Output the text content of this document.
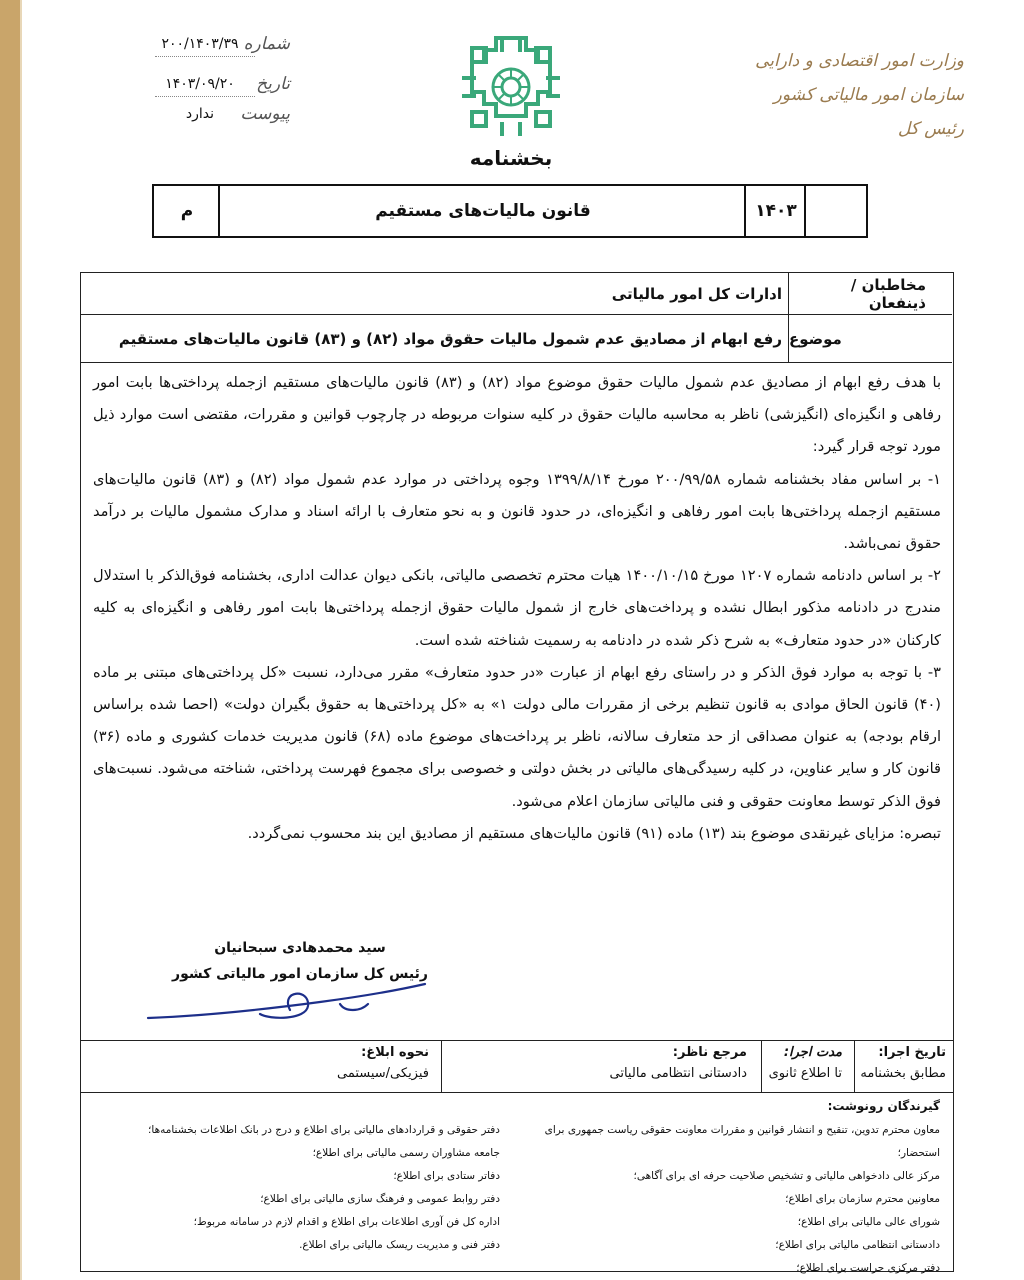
۲۰۰/۱۴۰۳/۳۹ شماره
۱۴۰۳/۰۹/۲۰	تاریخ
ندارد	پیوست
بخشنامه
وزارت امور اقتصادی و دارایی
سازمان امور مالیاتی کشور
رئیس کل
۱۴۰۳
قانون مالیات‌های مستقیم
م
مخاطبان / ذینفعان
ادارات کل امور مالیاتی
موضوع
رفع ابهام از مصادیق عدم شمول مالیات حقوق مواد (۸۲) و (۸۳) قانون مالیات‌های مستقیم

با هدف رفع ابهام از مصادیق عدم شمول مالیات حقوق موضوع مواد (۸۲) و (۸۳) قانون مالیات‌های مستقیم ازجمله پرداختی‌ها بابت امور رفاهی و انگیزه‌ای (انگیزشی) ناظر به محاسبه مالیات حقوق در کلیه سنوات مربوطه در چارچوب قوانین و مقررات، مقتضی است موارد ذیل مورد توجه قرار گیرد:

۱- بر اساس مفاد بخشنامه شماره ۲۰۰/۹۹/۵۸ مورخ ۱۳۹۹/۸/۱۴ وجوه پرداختی در موارد عدم شمول مواد (۸۲) و (۸۳) قانون مالیات‌های مستقیم ازجمله پرداختی‌ها بابت امور رفاهی و انگیزه‌ای، در حدود قانون و به نحو متعارف با ارائه اسناد و مدارک مشمول مالیات بر درآمد حقوق نمی‌باشد.

۲- بر اساس دادنامه شماره ۱۲۰۷ مورخ ۱۴۰۰/۱۰/۱۵ هیات محترم تخصصی مالیاتی، بانکی دیوان عدالت اداری، بخشنامه فوق‌الذکر با استدلال مندرج در دادنامه مذکور ابطال نشده و پرداخت‌های خارج از شمول مالیات حقوق ازجمله پرداختی‌ها بابت امور رفاهی و انگیزه‌ای به کلیه کارکنان «در حدود متعارف» به شرح ذکر شده در دادنامه به رسمیت شناخته شده است.

۳- با توجه به موارد فوق الذکر و در راستای رفع ابهام از عبارت «در حدود متعارف» مقرر می‌دارد، نسبت «کل پرداختی‌های مبتنی بر ماده (۴۰) قانون الحاق موادی به قانون تنظیم برخی از مقررات مالی دولت ۱» به «کل پرداختی‌ها به حقوق بگیران دولت» (احصا شده براساس ارقام بودجه) به عنوان مصداقی از حد متعارف سالانه، ناظر بر پرداخت‌های موضوع ماده (۶۸) قانون مدیریت خدمات کشوری و ماده (۳۶) قانون کار و سایر عناوین، در کلیه رسیدگی‌های مالیاتی در بخش دولتی و خصوصی برای مجموع فهرست پرداختی، شناخته می‌شود. نسبت‌های فوق الذکر توسط معاونت حقوقی و فنی مالیاتی سازمان اعلام می‌شود.

تبصره: مزایای غیرنقدی موضوع بند (۱۳) ماده (۹۱) قانون مالیات‌های مستقیم از مصادیق این بند محسوب نمی‌گردد.

سید محمدهادی سبحانیان
رئیس کل سازمان امور مالیاتی کشور
تاریخ اجرا:
مطابق بخشنامه
مدت اجرا:
تا اطلاع ثانوی
مرجع ناظر:
دادستانی انتظامی مالیاتی
نحوه ابلاغ:
فیزیکی/سیستمی
گیرندگان رونوشت:
معاون محترم تدوین، تنقیح و انتشار قوانین و مقررات معاونت حقوقی ریاست جمهوری برای استحضار؛
مرکز عالی دادخواهی مالیاتی و تشخیص صلاحیت حرفه ای برای آگاهی؛
معاونین محترم سازمان برای اطلاع؛
شورای عالی مالیاتی برای اطلاع؛
دادستانی انتظامی مالیاتی برای اطلاع؛
دفتر مرکزی حراست برای اطلاع؛
دفتر حقوقی و قراردادهای مالیاتی برای اطلاع و درج در بانک اطلاعات بخشنامه‌ها؛
جامعه مشاوران رسمی مالیاتی برای اطلاع؛
دفاتر ستادی برای اطلاع؛
دفتر روابط عمومی و فرهنگ سازی مالیاتی برای اطلاع؛
اداره کل فن آوری اطلاعات برای اطلاع و اقدام لازم در سامانه مربوط؛
دفتر فنی و مدیریت ریسک مالیاتی برای اطلاع.
